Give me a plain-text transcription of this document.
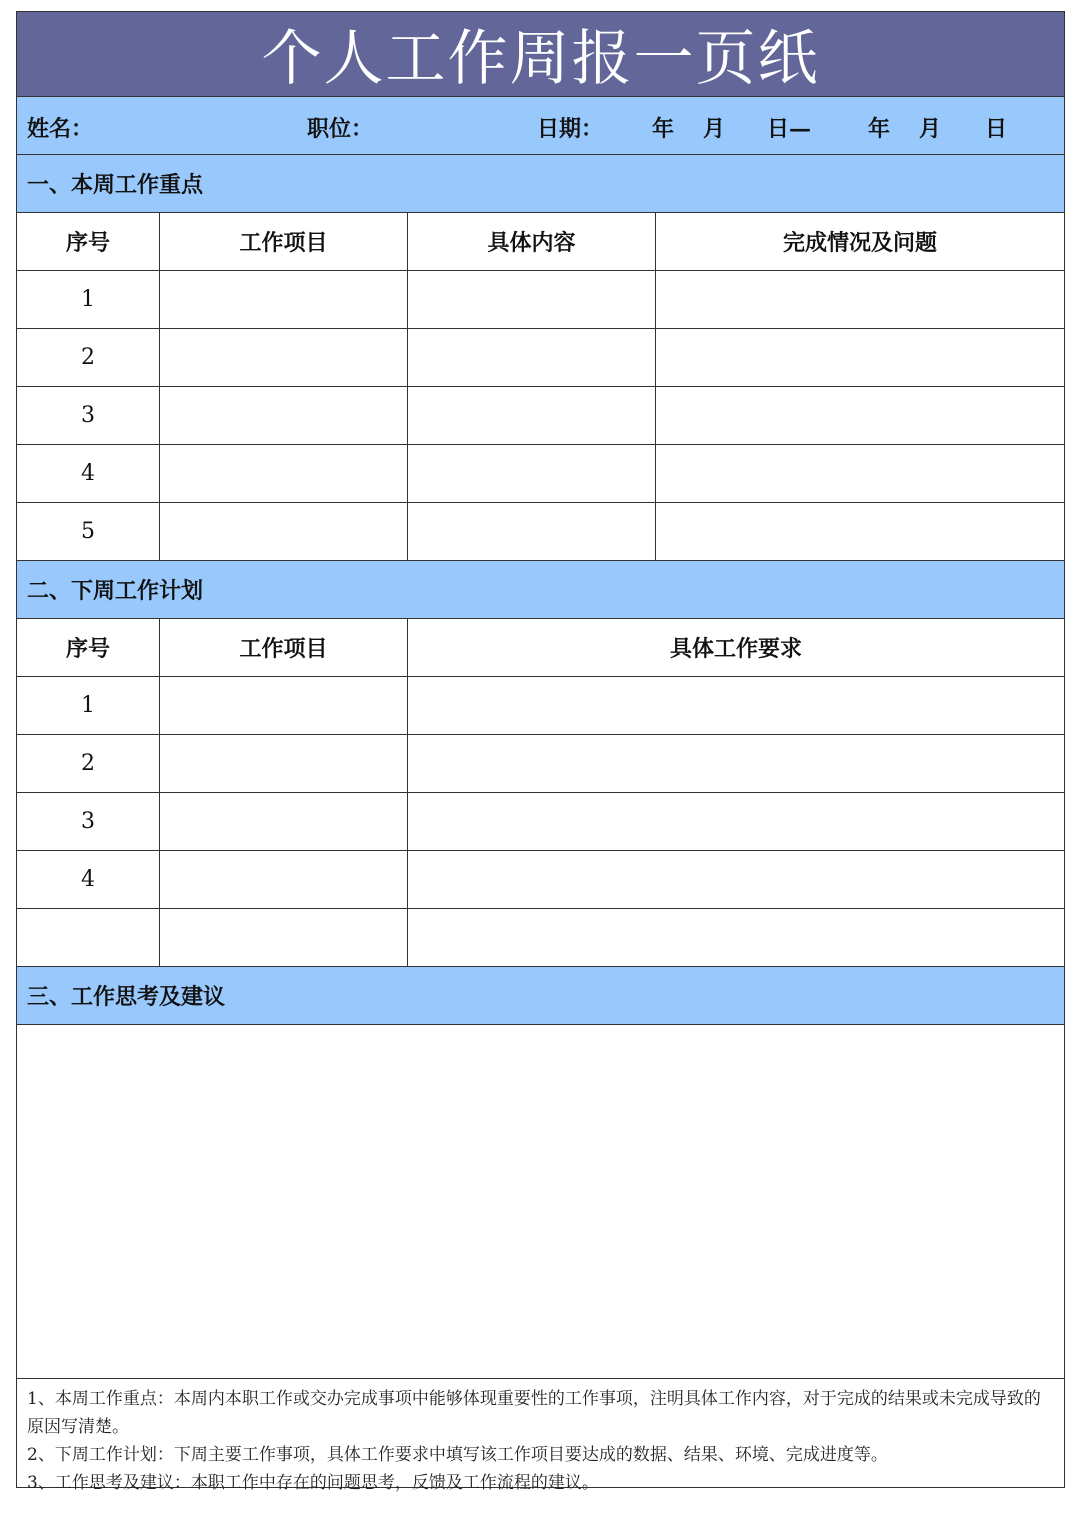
个人工作周报一页纸
姓名：	职位：	日期： 年 月 日—	年 月 日
一、本周工作重点
序号	工作项目	具体内容	完成情况及问题
1
2
3
4
5
二、下周工作计划
序号	工作项目	具体工作要求
1
2
3
4
三、工作思考及建议

1、本周工作重点：本周内本职工作或交办完成事项中能够体现重要性的工作事项，注明具体工作内容，对于完成的结果或未完成导致的原因写清楚。

2、下周工作计划：下周主要工作事项，具体工作要求中填写该工作项目要达成的数据、结果、环境、完成进度等。

3、工作思考及建议：本职工作中存在的问题思考，反馈及工作流程的建议。
